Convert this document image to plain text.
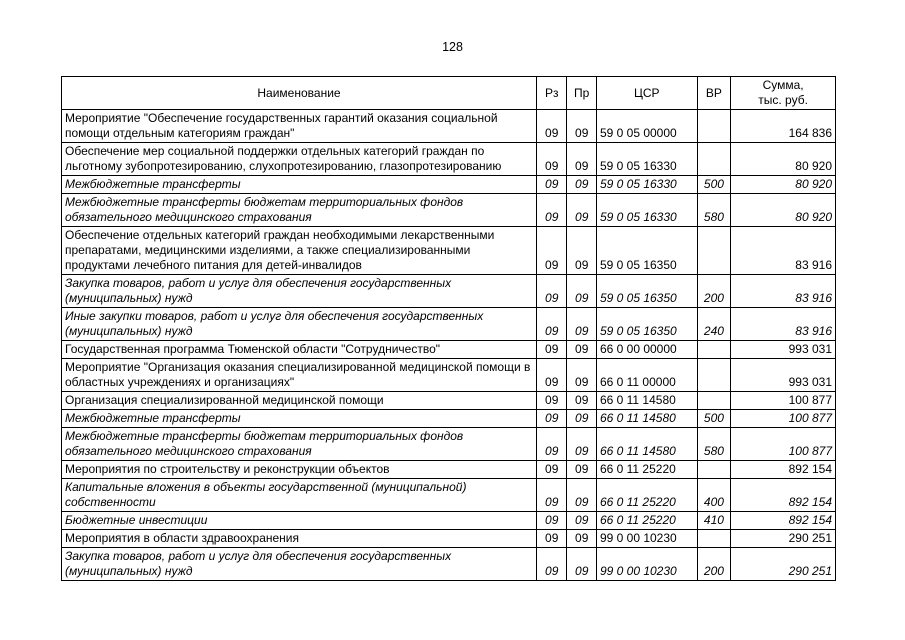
128
Наименование	Рз	Пр	ЦСР	ВР	Сумма,
тыс. руб.
Мероприятие "Обеспечение государственных гарантий оказания социальной помощи отдельным категориям граждан"	09	09	59 0 05 00000		164 836
Обеспечение мер социальной поддержки отдельных категорий граждан по льготному зубопротезированию, слухопротезированию, глазопротезированию	09	09	59 0 05 16330		80 920
Межбюджетные трансферты	09	09	59 0 05 16330	500	80 920
Межбюджетные трансферты бюджетам территориальных фондов обязательного медицинского страхования	09	09	59 0 05 16330	580	80 920
Обеспечение отдельных категорий граждан необходимыми лекарственными препаратами, медицинскими изделиями, а также специализированными продуктами лечебного питания для детей-инвалидов	09	09	59 0 05 16350		83 916
Закупка товаров, работ и услуг для обеспечения государственных (муниципальных) нужд	09	09	59 0 05 16350	200	83 916
Иные закупки товаров, работ и услуг для обеспечения государственных (муниципальных) нужд	09	09	59 0 05 16350	240	83 916
Государственная программа Тюменской области "Сотрудничество"	09	09	66 0 00 00000		993 031
Мероприятие "Организация оказания специализированной медицинской помощи в областных учреждениях и организациях"	09	09	66 0 11 00000		993 031
Организация специализированной медицинской помощи	09	09	66 0 11 14580		100 877
Межбюджетные трансферты	09	09	66 0 11 14580	500	100 877
Межбюджетные трансферты бюджетам территориальных фондов обязательного медицинского страхования	09	09	66 0 11 14580	580	100 877
Мероприятия по строительству и реконструкции объектов	09	09	66 0 11 25220		892 154
Капитальные вложения в объекты государственной (муниципальной) собственности	09	09	66 0 11 25220	400	892 154
Бюджетные инвестиции	09	09	66 0 11 25220	410	892 154
Мероприятия в области здравоохранения	09	09	99 0 00 10230		290 251
Закупка товаров, работ и услуг для обеспечения государственных (муниципальных) нужд	09	09	99 0 00 10230	200	290 251
